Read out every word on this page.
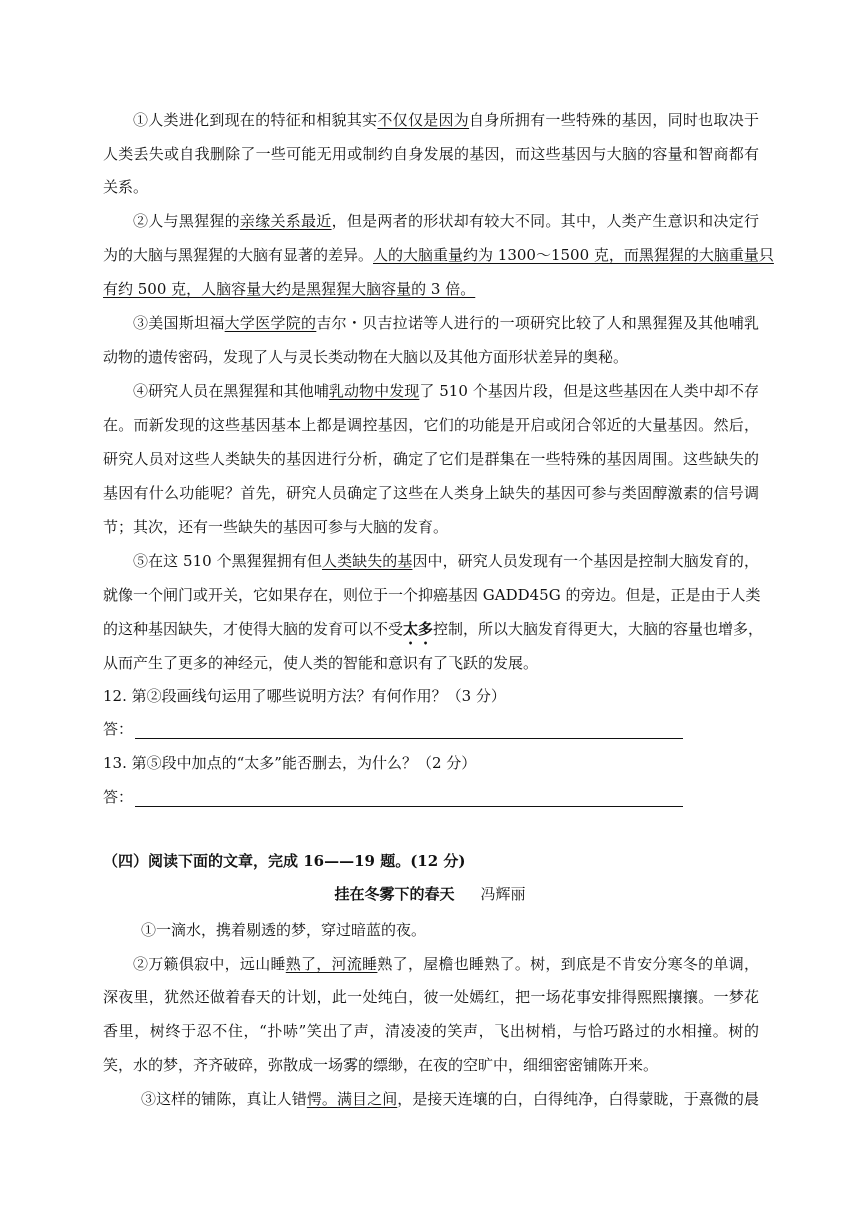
①人类进化到现在的特征和相貌其实不仅仅是因为自身所拥有一些特殊的基因，同时也取决于
人类丢失或自我删除了一些可能无用或制约自身发展的基因，而这些基因与大脑的容量和智商都有
关系。
②人与黑猩猩的亲缘关系最近，但是两者的形状却有较大不同。其中，人类产生意识和决定行
为的大脑与黑猩猩的大脑有显著的差异。人的大脑重量约为 1300～1500 克，而黑猩猩的大脑重量只
有约 500 克，人脑容量大约是黑猩猩大脑容量的 3 倍。
③美国斯坦福大学医学院的吉尔・贝吉拉诺等人进行的一项研究比较了人和黑猩猩及其他哺乳
动物的遗传密码，发现了人与灵长类动物在大脑以及其他方面形状差异的奥秘。
④研究人员在黑猩猩和其他哺乳动物中发现了 510 个基因片段，但是这些基因在人类中却不存
在。而新发现的这些基因基本上都是调控基因，它们的功能是开启或闭合邻近的大量基因。然后，
研究人员对这些人类缺失的基因进行分析，确定了它们是群集在一些特殊的基因周围。这些缺失的
基因有什么功能呢？首先，研究人员确定了这些在人类身上缺失的基因可参与类固醇激素的信号调
节；其次，还有一些缺失的基因可参与大脑的发育。
⑤在这 510 个黑猩猩拥有但人类缺失的基因中，研究人员发现有一个基因是控制大脑发育的，
就像一个闸门或开关，它如果存在，则位于一个抑癌基因 GADD45G 的旁边。但是，正是由于人类
的这种基因缺失，才使得大脑的发育可以不受太多控制，所以大脑发育得更大，大脑的容量也增多，
从而产生了更多的神经元，使人类的智能和意识有了飞跃的发展。
12. 第②段画线句运用了哪些说明方法？有何作用？（3 分）
答：
13. 第⑤段中加点的“太多”能否删去，为什么？（2 分）
答：
（四）阅读下面的文章，完成 16——19 题。(12 分)
挂在冬雾下的春天 冯辉丽
①一滴水，携着剔透的梦，穿过暗蓝的夜。
②万籁俱寂中，远山睡熟了，河流睡熟了，屋檐也睡熟了。树，到底是不肯安分寒冬的单调，
深夜里，犹然还做着春天的计划，此一处纯白，彼一处嫣红，把一场花事安排得熙熙攘攘。一梦花
香里，树终于忍不住，“扑哧”笑出了声，清凌凌的笑声，飞出树梢，与恰巧路过的水相撞。树的
笑，水的梦，齐齐破碎，弥散成一场雾的缥缈，在夜的空旷中，细细密密铺陈开来。
③这样的铺陈，真让人错愕。满目之间，是接天连壤的白，白得纯净，白得蒙眬，于熹微的晨
